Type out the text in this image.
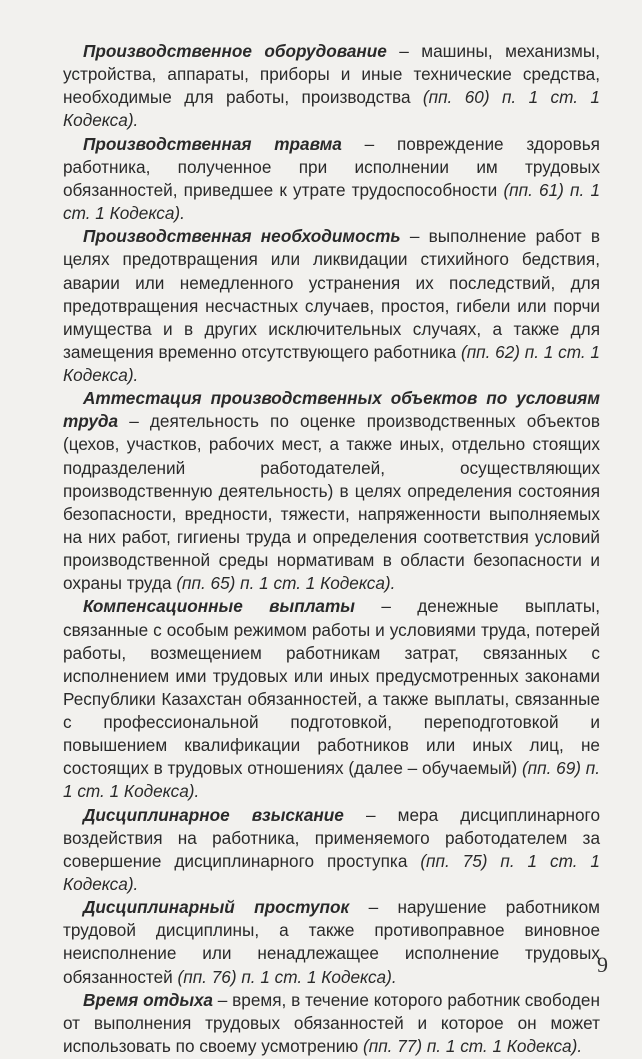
Производственное оборудование – машины, механизмы, устройства, аппараты, приборы и иные технические средства, необходимые для работы, производства (пп. 60) п. 1 ст. 1 Кодекса).

Производственная травма – повреждение здоровья работника, полученное при исполнении им трудовых обязанностей, приведшее к утрате трудоспособности (пп. 61) п. 1 ст. 1 Кодекса).

Производственная необходимость – выполнение работ в целях предотвращения или ликвидации стихийного бедствия, аварии или немедленного устранения их последствий, для предотвращения несчастных случаев, простоя, гибели или порчи имущества и в других исключительных случаях, а также для замещения временно отсутствующего работника (пп. 62) п. 1 ст. 1 Кодекса).

Аттестация производственных объектов по условиям труда – деятельность по оценке производственных объектов (цехов, участков, рабочих мест, а также иных, отдельно стоящих подразделений работодателей, осуществляющих производственную деятельность) в целях определения состояния безопасности, вредности, тяжести, напряженности выполняемых на них работ, гигиены труда и определения соответствия условий производственной среды нормативам в области безопасности и охраны труда (пп. 65) п. 1 ст. 1 Кодекса).

Компенсационные выплаты – денежные выплаты, связанные с особым режимом работы и условиями труда, потерей работы, возмещением работникам затрат, связанных с исполнением ими трудовых или иных предусмотренных законами Республики Казахстан обязанностей, а также выплаты, связанные с профессиональной подготовкой, переподготовкой и повышением квалификации работников или иных лиц, не состоящих в трудовых отношениях (далее – обучаемый) (пп. 69) п. 1 ст. 1 Кодекса).

Дисциплинарное взыскание – мера дисциплинарного воздействия на работника, применяемого работодателем за совершение дисциплинарного проступка (пп. 75) п. 1 ст. 1 Кодекса).

Дисциплинарный проступок – нарушение работником трудовой дисциплины, а также противоправное виновное неисполнение или ненадлежащее исполнение трудовых обязанностей (пп. 76) п. 1 ст. 1 Кодекса).

Время отдыха – время, в течение которого работник свободен от выполнения трудовых обязанностей и которое он может использовать по своему усмотрению (пп. 77) п. 1 ст. 1 Кодекса).

9
